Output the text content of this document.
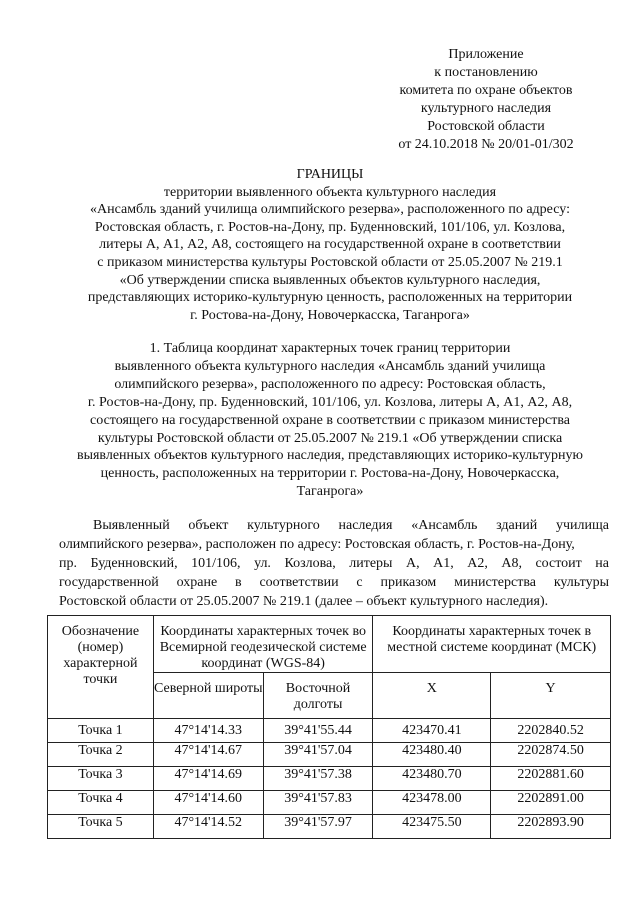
Приложение
к постановлению
комитета по охране объектов
культурного наследия
Ростовской области
от 24.10.2018 № 20/01-01/302
ГРАНИЦЫ
территории выявленного объекта культурного наследия
«Ансамбль зданий училища олимпийского резерва», расположенного по адресу:
Ростовская область, г. Ростов-на-Дону, пр. Буденновский, 101/106, ул. Козлова,
литеры А, А1, А2, А8, состоящего на государственной охране в соответствии
с приказом министерства культуры Ростовской области от 25.05.2007 № 219.1
«Об утверждении списка выявленных объектов культурного наследия,
представляющих историко-культурную ценность, расположенных на территории
г. Ростова-на-Дону, Новочеркасска, Таганрога»
1. Таблица координат характерных точек границ территории
выявленного объекта культурного наследия «Ансамбль зданий училища
олимпийского резерва», расположенного по адресу: Ростовская область,
г. Ростов-на-Дону, пр. Буденновский, 101/106, ул. Козлова, литеры А, А1, А2, А8,
состоящего на государственной охране в соответствии с приказом министерства
культуры Ростовской области от 25.05.2007 № 219.1 «Об утверждении списка
выявленных объектов культурного наследия, представляющих историко-культурную
ценность, расположенных на территории г. Ростова-на-Дону, Новочеркасска,
Таганрога»
Выявленный объект культурного наследия «Ансамбль зданий училища
олимпийского резерва», расположен по адресу: Ростовская область, г. Ростов-на-Дону,
пр. Буденновский, 101/106, ул. Козлова, литеры А, А1, А2, А8, состоит на
государственной охране в соответствии с приказом министерства культуры
Ростовской области от 25.05.2007 № 219.1 (далее – объект культурного наследия).
Обозначение (номер) характерной точки	Координаты характерных точек во Всемирной геодезической системе координат (WGS-84)		Координаты характерных точек в местной системе координат (МСК)	
	Северной широты	Восточной долготы	X	Y
Точка 1	47°14'14.33	39°41'55.44	423470.41	2202840.52
Точка 2	47°14'14.67	39°41'57.04	423480.40	2202874.50
Точка 3	47°14'14.69	39°41'57.38	423480.70	2202881.60
Точка 4	47°14'14.60	39°41'57.83	423478.00	2202891.00
Точка 5	47°14'14.52	39°41'57.97	423475.50	2202893.90
